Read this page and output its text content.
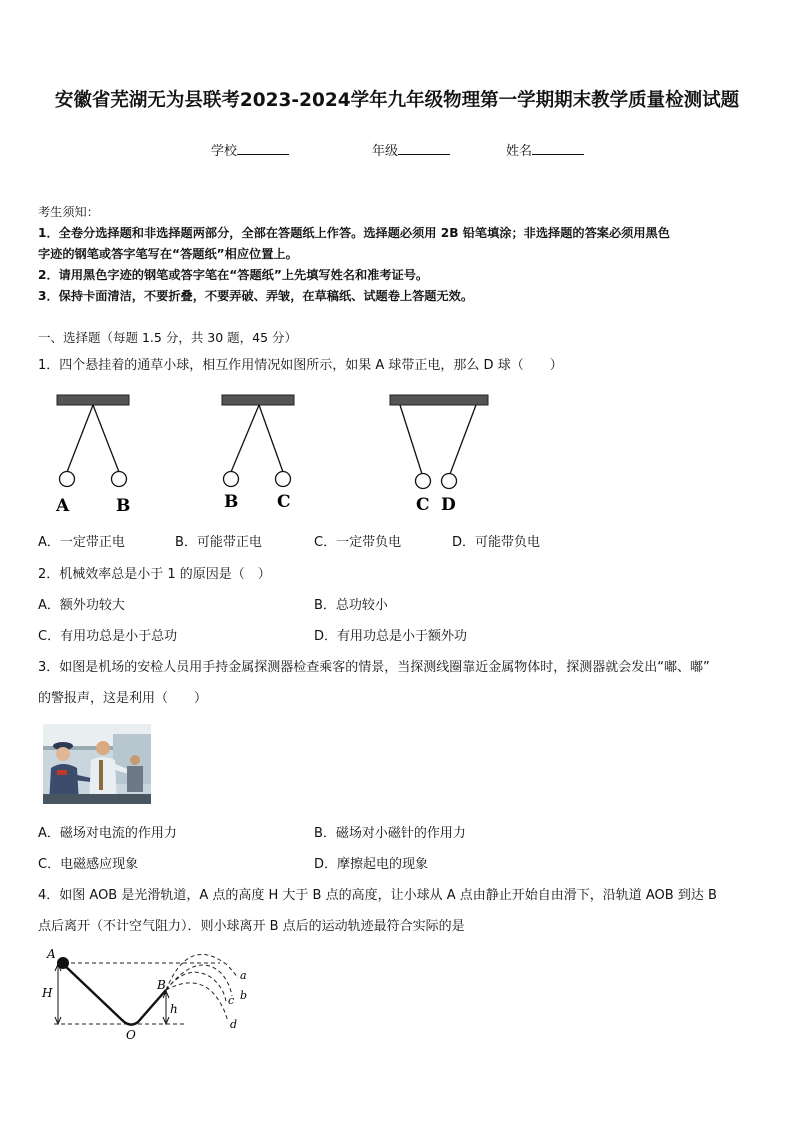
安徽省芜湖无为县联考2023-2024学年九年级物理第一学期期末教学质量检测试题
学校	年级	姓名
考生须知：
1．全卷分选择题和非选择题两部分，全部在答题纸上作答。选择题必须用 2B 铅笔填涂；非选择题的答案必须用黑色
字迹的钢笔或答字笔写在“答题纸”相应位置上。
2．请用黑色字迹的钢笔或答字笔在“答题纸”上先填写姓名和准考证号。
3．保持卡面清洁，不要折叠，不要弄破、弄皱，在草稿纸、试题卷上答题无效。
一、选择题（每题 1.5 分，共 30 题，45 分）
1．四个悬挂着的通草小球，相互作用情况如图所示，如果 A 球带正电，那么 D 球（　　）
A	B	B C	C D
A．一定带正电	B．可能带正电	C．一定带负电	D．可能带负电
2．机械效率总是小于 1 的原因是（　）
A．额外功较大	B．总功较小
C．有用功总是小于总功	D．有用功总是小于额外功
3．如图是机场的安检人员用手持金属探测器检查乘客的情景，当探测线圈靠近金属物体时，探测器就会发出“嘟、嘟”
的警报声，这是利用（　　）
A．磁场对电流的作用力	B．磁场对小磁针的作用力
C．电磁感应现象	D．摩擦起电的现象
4．如图 AOB 是光滑轨道，A 点的高度 H 大于 B 点的高度，让小球从 A 点由静止开始自由滑下，沿轨道 AOB 到达 B
点后离开（不计空气阻力）．则小球离开 B 点后的运动轨迹最符合实际的是
H
A
B
O
h
a
b
c
d
